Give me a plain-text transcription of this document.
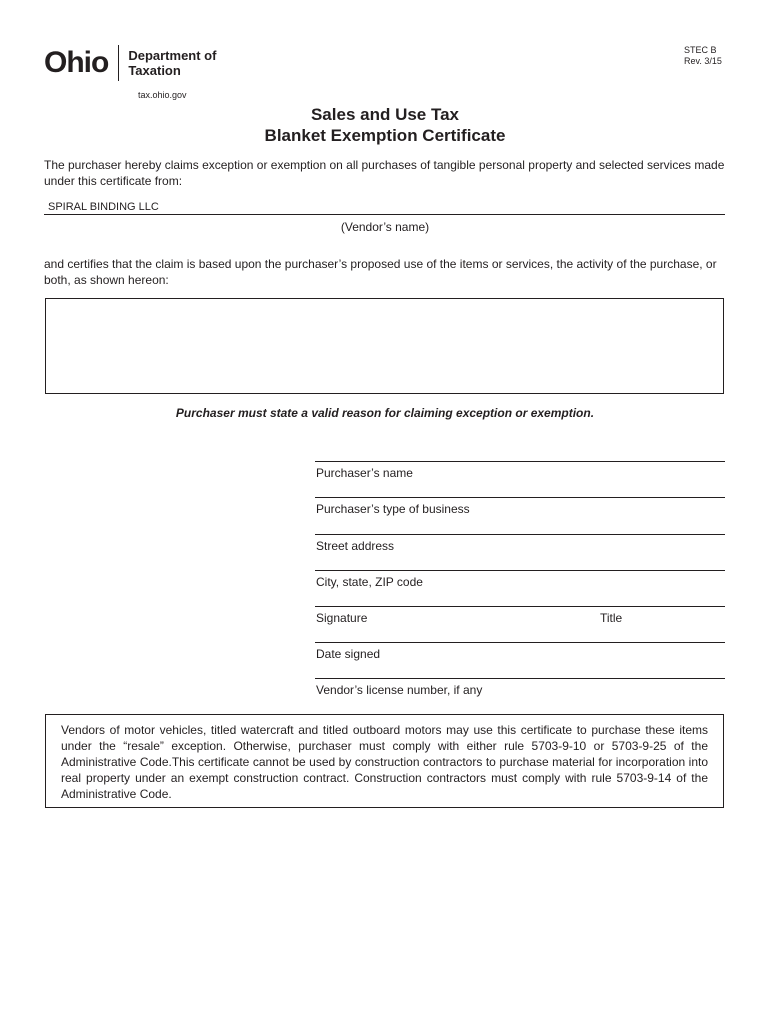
Ohio Department of
Taxation
tax.ohio.gov
STEC B
Rev. 3/15
Sales and Use Tax
Blanket Exemption Certificate
The purchaser hereby claims exception or exemption on all purchases of tangible personal property and selected services made under this certificate from:
SPIRAL BINDING LLC
(Vendor’s name)
and certifies that the claim is based upon the purchaser’s proposed use of the items or services, the activity of the purchase, or both, as shown hereon:
Purchaser must state a valid reason for claiming exception or exemption.
Purchaser’s name
Purchaser’s type of business
Street address
City, state, ZIP code
Signature	Title
Date signed
Vendor’s license number, if any
Vendors of motor vehicles, titled watercraft and titled outboard motors may use this certificate to purchase these items under the “resale” exception. Otherwise, purchaser must comply with either rule 5703-9-10 or 5703-9-25 of the Administrative Code.This certificate cannot be used by construction contractors to purchase material for incorporation into real property under an exempt construction contract. Construction contractors must comply with rule 5703-9-14 of the Administrative Code.
